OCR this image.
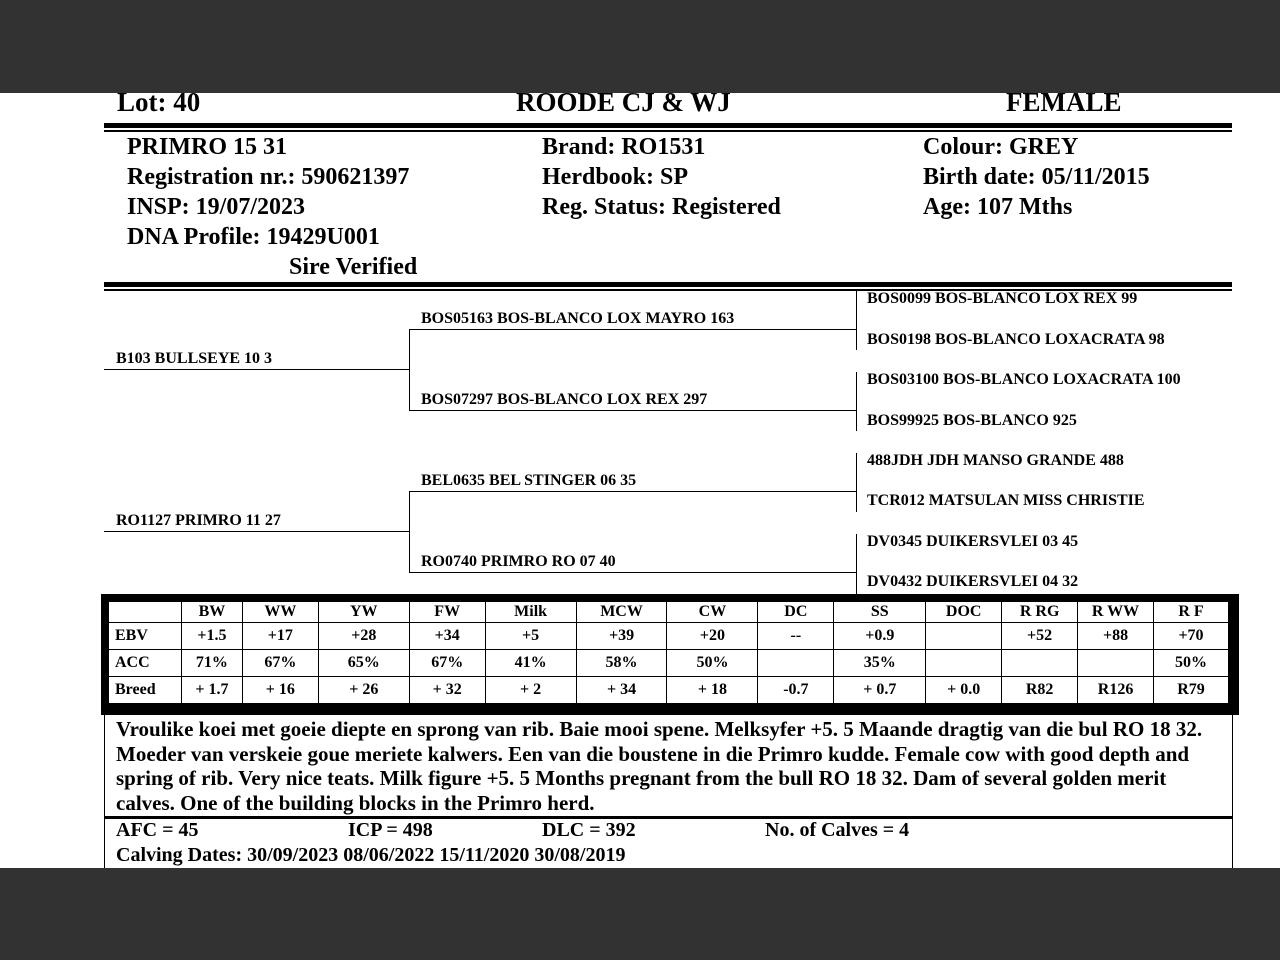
Lot: 40	ROODE CJ & WJ	FEMALE
PRIMRO 15 31
Registration nr.: 590621397
INSP: 19/07/2023
DNA Profile: 19429U001
Sire Verified
Brand: RO1531
Herdbook: SP
Reg. Status: Registered
Colour: GREY
Birth date: 05/11/2015
Age: 107 Mths
B103 BULLSEYE 10 3
RO1127 PRIMRO 11 27
BOS05163 BOS-BLANCO LOX MAYRO 163
BOS07297 BOS-BLANCO LOX REX 297
BEL0635 BEL STINGER 06 35
RO0740 PRIMRO RO 07 40
BOS0099 BOS-BLANCO LOX REX 99
BOS0198 BOS-BLANCO LOXACRATA 98
BOS03100 BOS-BLANCO LOXACRATA 100
BOS99925 BOS-BLANCO 925
488JDH JDH MANSO GRANDE 488
TCR012 MATSULAN MISS CHRISTIE
DV0345 DUIKERSVLEI 03 45
DV0432 DUIKERSVLEI 04 32
	BW	WW	YW	FW	Milk	MCW	CW	DC	SS	DOC	R RG	R WW	R F
EBV	+1.5	+17	+28	+34	+5	+39	+20	--	+0.9		+52	+88	+70
ACC	71%	67%	65%	67%	41%	58%	50%		35%				50%
Breed	+ 1.7	+ 16	+ 26	+ 32	+ 2	+ 34	+ 18	-0.7	+ 0.7	+ 0.0	R82	R126	R79
Vroulike koei met goeie diepte en sprong van rib. Baie mooi spene. Melksyfer +5. 5 Maande dragtig van die bul RO 18 32. Moeder van verskeie goue meriete kalwers. Een van die boustene in die Primro kudde. Female cow with good depth and spring of rib. Very nice teats. Milk figure +5. 5 Months pregnant from the bull RO 18 32. Dam of several golden merit calves. One of the building blocks in the Primro herd.
AFC = 45	ICP = 498	DLC = 392	No. of Calves = 4
Calving Dates: 30/09/2023 08/06/2022 15/11/2020 30/08/2019
